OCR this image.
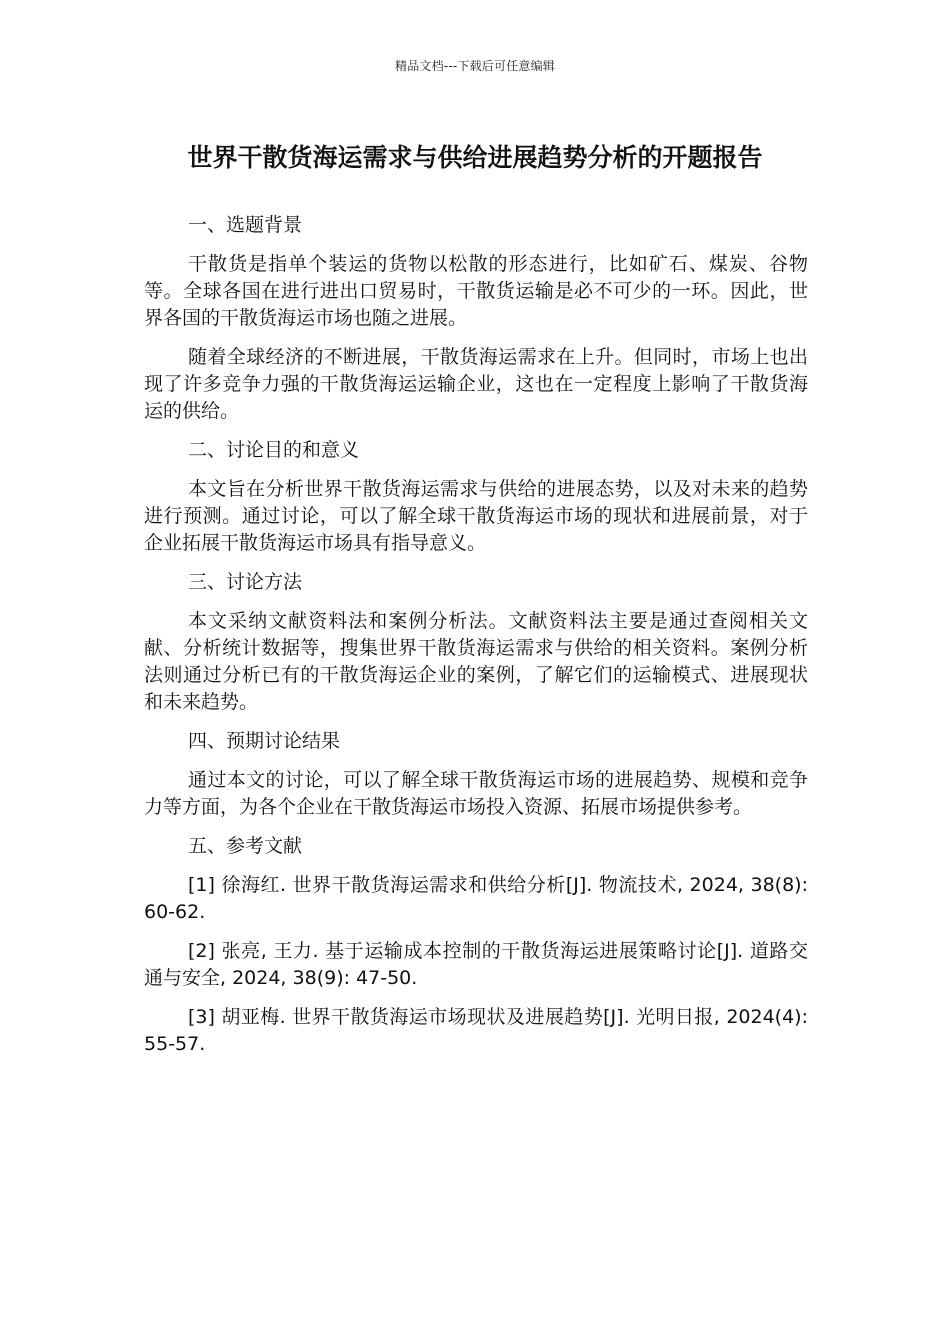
精品文档---下载后可任意编辑
世界干散货海运需求与供给进展趋势分析的开题报告

一、选题背景

干散货是指单个装运的货物以松散的形态进行，比如矿石、煤炭、谷物等。全球各国在进行进出口贸易时，干散货运输是必不可少的一环。因此，世界各国的干散货海运市场也随之进展。

随着全球经济的不断进展，干散货海运需求在上升。但同时，市场上也出现了许多竞争力强的干散货海运运输企业，这也在一定程度上影响了干散货海运的供给。

二、讨论目的和意义

本文旨在分析世界干散货海运需求与供给的进展态势，以及对未来的趋势进行预测。通过讨论，可以了解全球干散货海运市场的现状和进展前景，对于企业拓展干散货海运市场具有指导意义。

三、讨论方法

本文采纳文献资料法和案例分析法。文献资料法主要是通过查阅相关文献、分析统计数据等，搜集世界干散货海运需求与供给的相关资料。案例分析法则通过分析已有的干散货海运企业的案例，了解它们的运输模式、进展现状和未来趋势。

四、预期讨论结果

通过本文的讨论，可以了解全球干散货海运市场的进展趋势、规模和竞争力等方面，为各个企业在干散货海运市场投入资源、拓展市场提供参考。

五、参考文献

[1] 徐海红. 世界干散货海运需求和供给分析[J]. 物流技术, 2024, 38(8): 60-62.

[2] 张亮, 王力. 基于运输成本控制的干散货海运进展策略讨论[J]. 道路交通与安全, 2024, 38(9): 47-50.

[3] 胡亚梅. 世界干散货海运市场现状及进展趋势[J]. 光明日报, 2024(4): 55-57.
